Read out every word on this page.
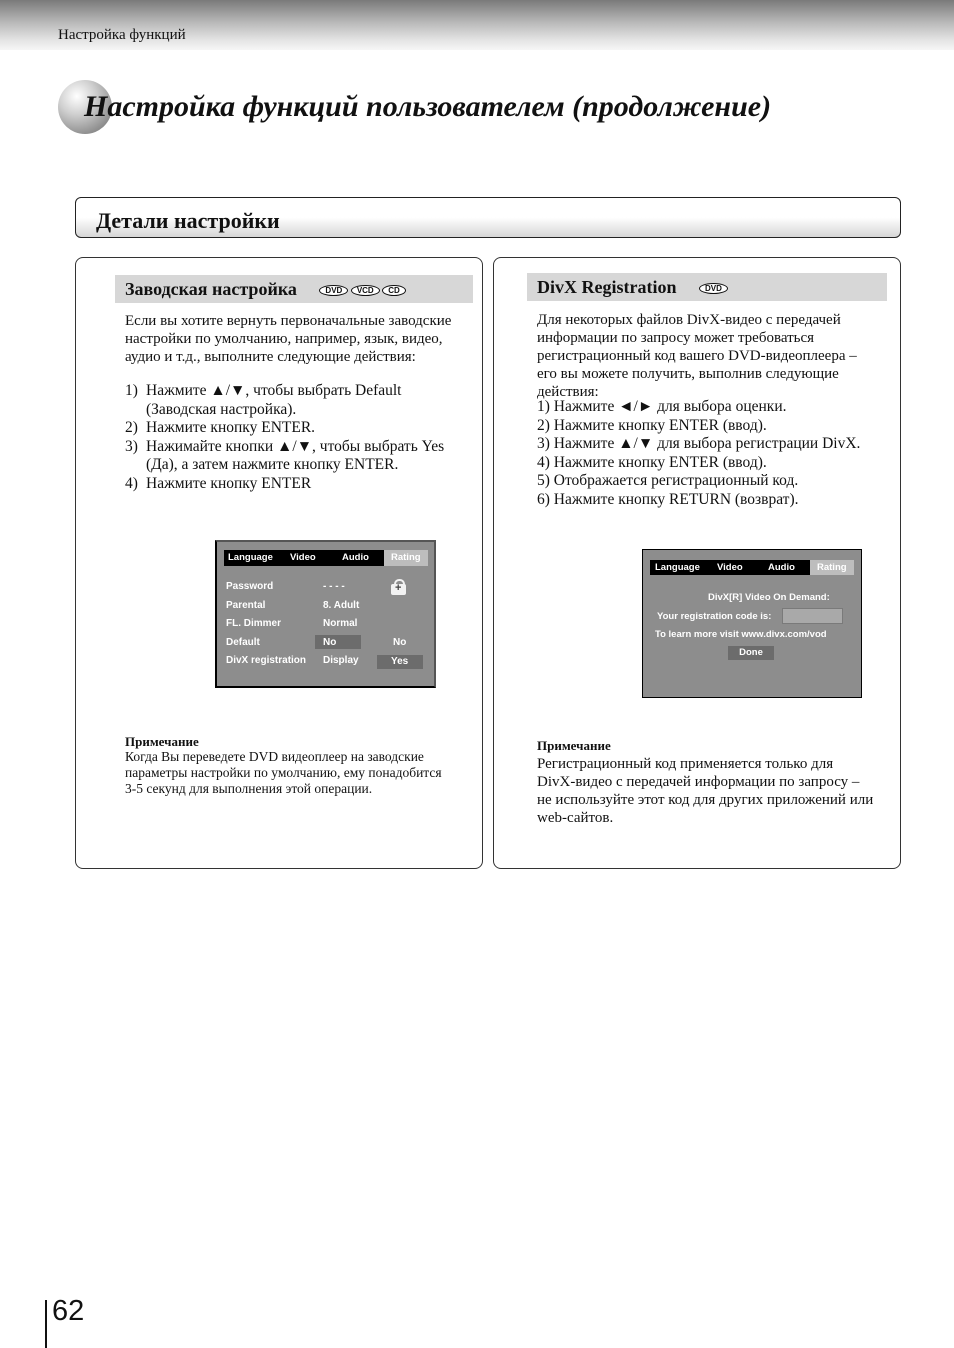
Настройка функций
Настройка функций пользователем (продолжение)
Детали настройки
Заводская настройка	DVD VCD CD
Если вы хотите вернуть первоначальные заводские
настройки по умолчанию, например, язык, видео,
аудио и т.д., выполните следующие действия:
1) Нажмите ▲/▼, чтобы выбрать Default
(Заводская настройка).
2) Нажмите кнопку ENTER.
3) Нажимайте кнопки ▲/▼, чтобы выбрать Yes
(Да), а затем нажмите кнопку ENTER.
4) Нажмите кнопку ENTER
Language Video	Audio	Rating
Password	- - - -	+
Parental	8. Adult
FL. Dimmer	Normal
Default	No	No
DivX registration Display	Yes
Примечание
Когда Вы переведете DVD видеоплеер на заводские
параметры настройки по умолчанию, ему понадобится
3-5 секунд для выполнения этой операции.
DivX Registration	DVD
Для некоторых файлов DivX-видео с передачей
информации по запросу может требоваться
регистрационный код вашего DVD-видеоплеера –
его вы можете получить, выполнив следующие
действия:
1) Нажмите ◄/► для выбора оценки.
2) Нажмите кнопку ENTER (ввод).
3) Нажмите ▲/▼ для выбора регистрации DivX.
4) Нажмите кнопку ENTER (ввод).
5) Отображается регистрационный код.
6) Нажмите кнопку RETURN (возврат).
Language Video	Audio	Rating
DivX[R] Video On Demand:
Your registration code is:
To learn more visit www.divx.com/vod
Done
Примечание
Регистрационный код применяется только для
DivX-видео с передачей информации по запросу –
не используйте этот код для других приложений или
web-сайтов.
62
